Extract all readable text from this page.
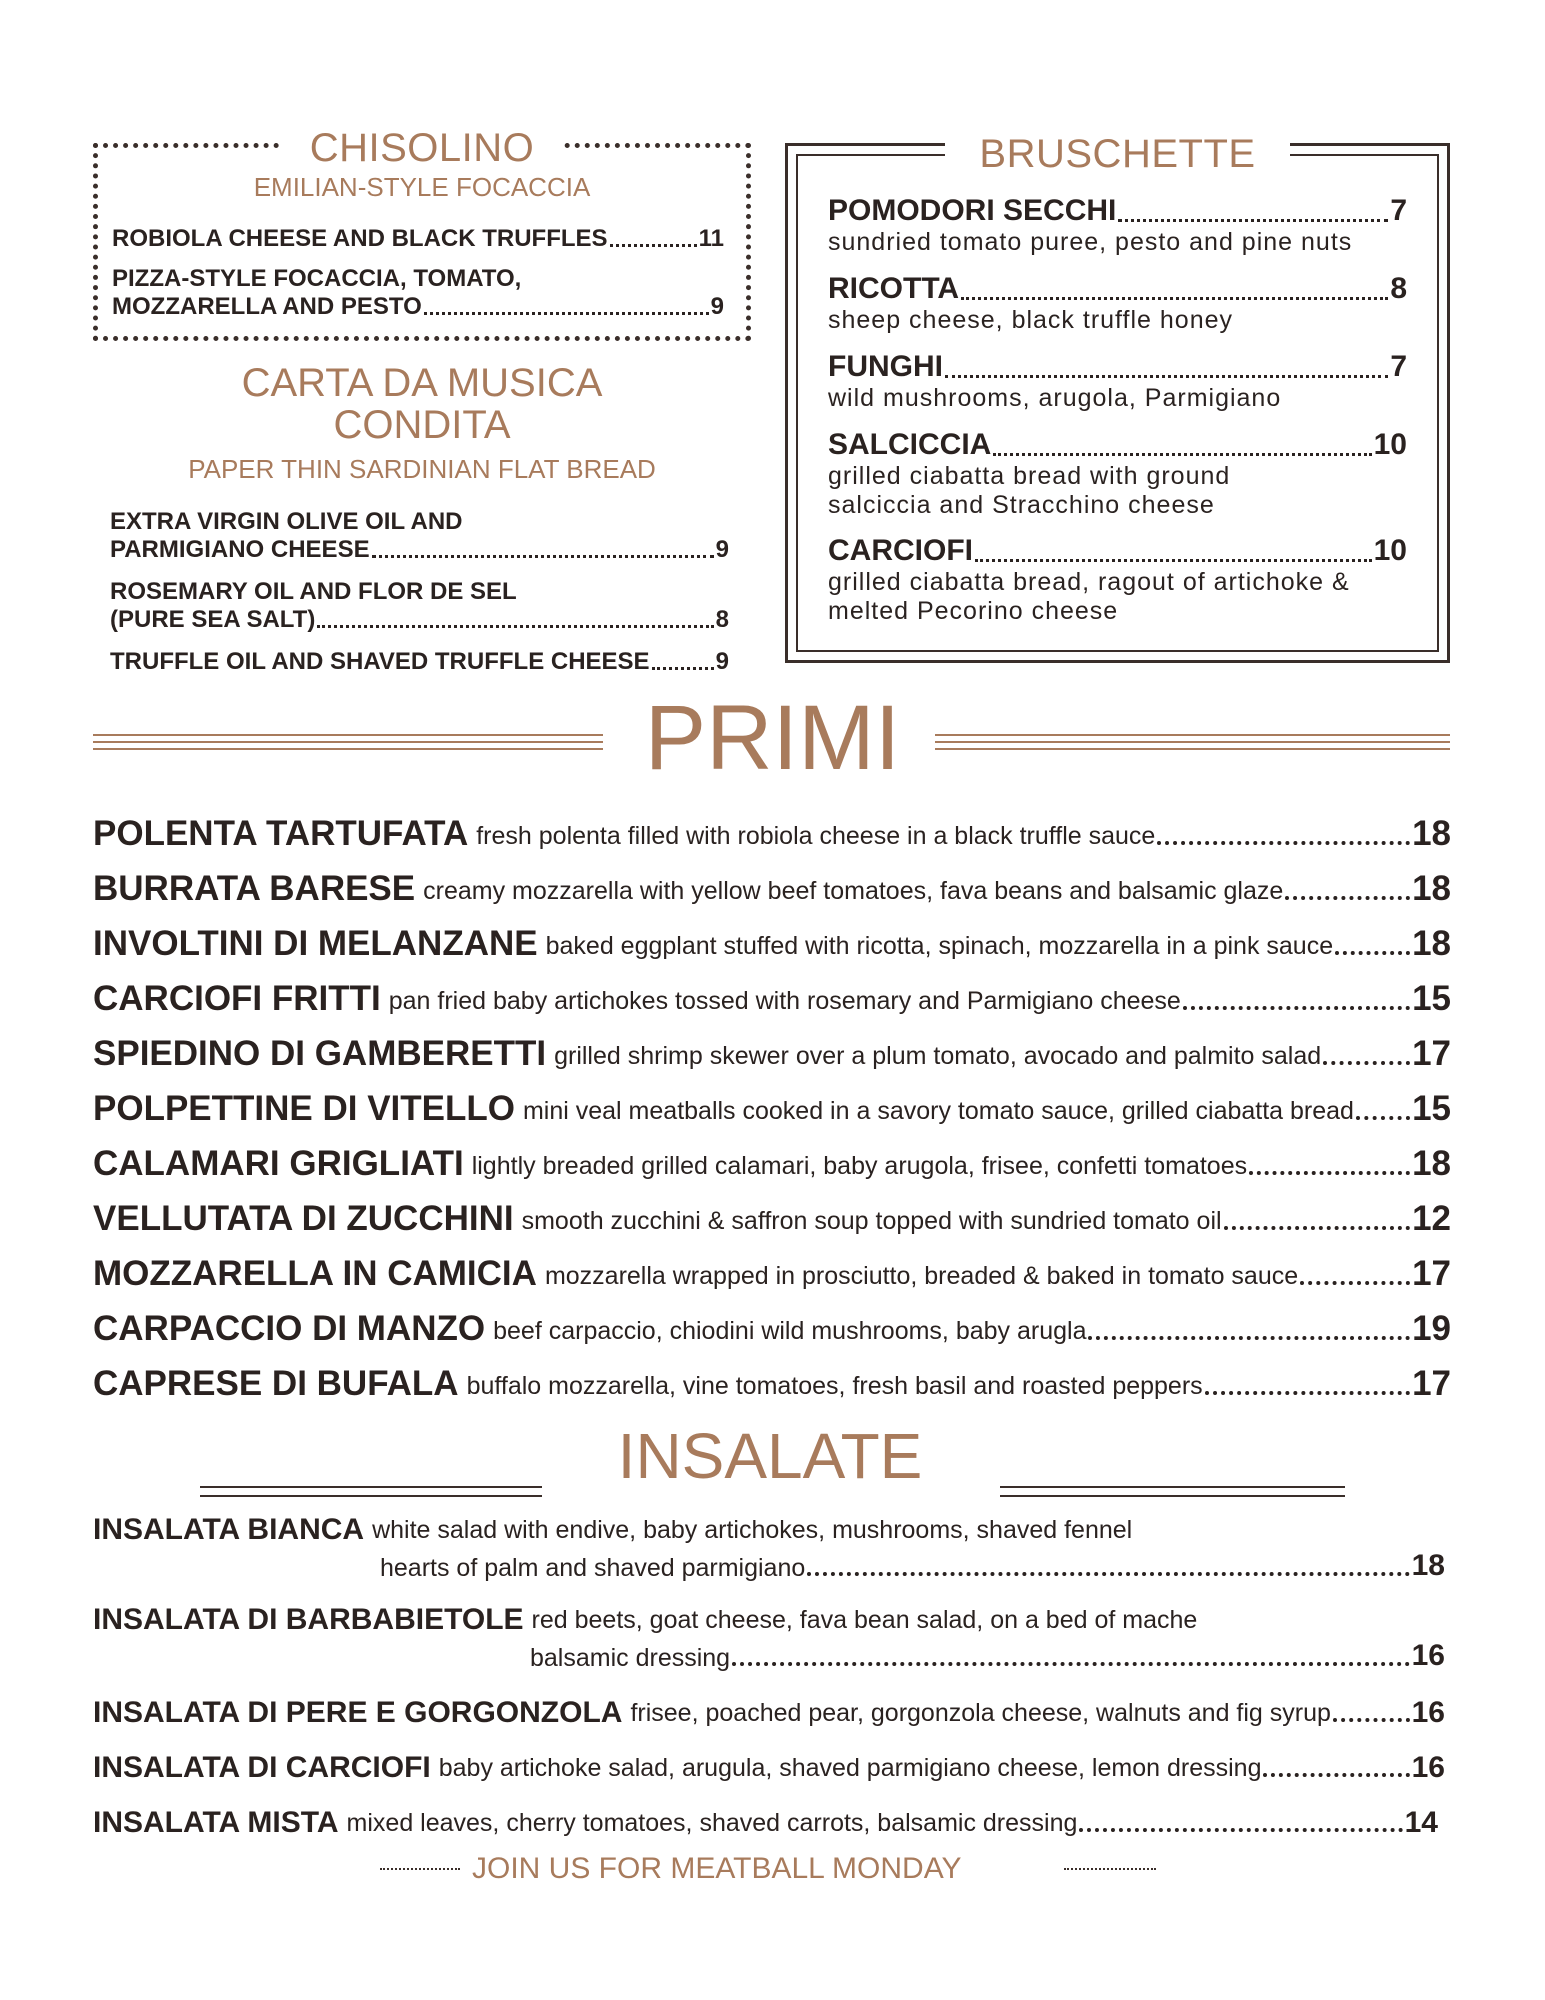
CHISOLINO
EMILIAN-STYLE FOCACCIA
ROBIOLA CHEESE AND BLACK TRUFFLES	11
PIZZA-STYLE FOCACCIA, TOMATO,
MOZZARELLA AND PESTO	9
CARTA DA MUSICA
CONDITA
PAPER THIN SARDINIAN FLAT BREAD
EXTRA VIRGIN OLIVE OIL AND
PARMIGIANO CHEESE	9
ROSEMARY OIL AND FLOR DE SEL
(PURE SEA SALT)	8
TRUFFLE OIL AND SHAVED TRUFFLE CHEESE	9
BRUSCHETTE
POMODORI SECCHI	7
sundried tomato puree, pesto and pine nuts
RICOTTA	8
sheep cheese, black truffle honey
FUNGHI	7
wild mushrooms, arugola, Parmigiano
SALCICCIA	10
grilled ciabatta bread with ground
salciccia and Stracchino cheese
CARCIOFI	10
grilled ciabatta bread, ragout of artichoke &
melted Pecorino cheese
PRIMI
POLENTA TARTUFATA fresh polenta filled with robiola cheese in a black truffle sauce	18
BURRATA BARESE creamy mozzarella with yellow beef tomatoes, fava beans and balsamic glaze	18
INVOLTINI DI MELANZANE baked eggplant stuffed with ricotta, spinach, mozzarella in a pink sauce 18
CARCIOFI FRITTI pan fried baby artichokes tossed with rosemary and Parmigiano cheese	15
SPIEDINO DI GAMBERETTI grilled shrimp skewer over a plum tomato, avocado and palmito salad	17
POLPETTINE DI VITELLO mini veal meatballs cooked in a savory tomato sauce, grilled ciabatta bread 15
CALAMARI GRIGLIATI lightly breaded grilled calamari, baby arugola, frisee, confetti tomatoes	18
VELLUTATA DI ZUCCHINI smooth zucchini & saffron soup topped with sundried tomato oil	12
MOZZARELLA IN CAMICIA mozzarella wrapped in prosciutto, breaded & baked in tomato sauce	17
CARPACCIO DI MANZO beef carpaccio, chiodini wild mushrooms, baby arugla	19
CAPRESE DI BUFALA buffalo mozzarella, vine tomatoes, fresh basil and roasted peppers	17
INSALATE
INSALATA BIANCA white salad with endive, baby artichokes, mushrooms, shaved fennel
hearts of palm and shaved parmigiano	18
INSALATA DI BARBABIETOLE red beets, goat cheese, fava bean salad, on a bed of mache
balsamic dressing	16
INSALATA DI PERE E GORGONZOLA frisee, poached pear, gorgonzola cheese, walnuts and fig syrup	16
INSALATA DI CARCIOFI baby artichoke salad, arugula, shaved parmigiano cheese, lemon dressing	16
INSALATA MISTA mixed leaves, cherry tomatoes, shaved carrots, balsamic dressing	14
JOIN US FOR MEATBALL MONDAY
